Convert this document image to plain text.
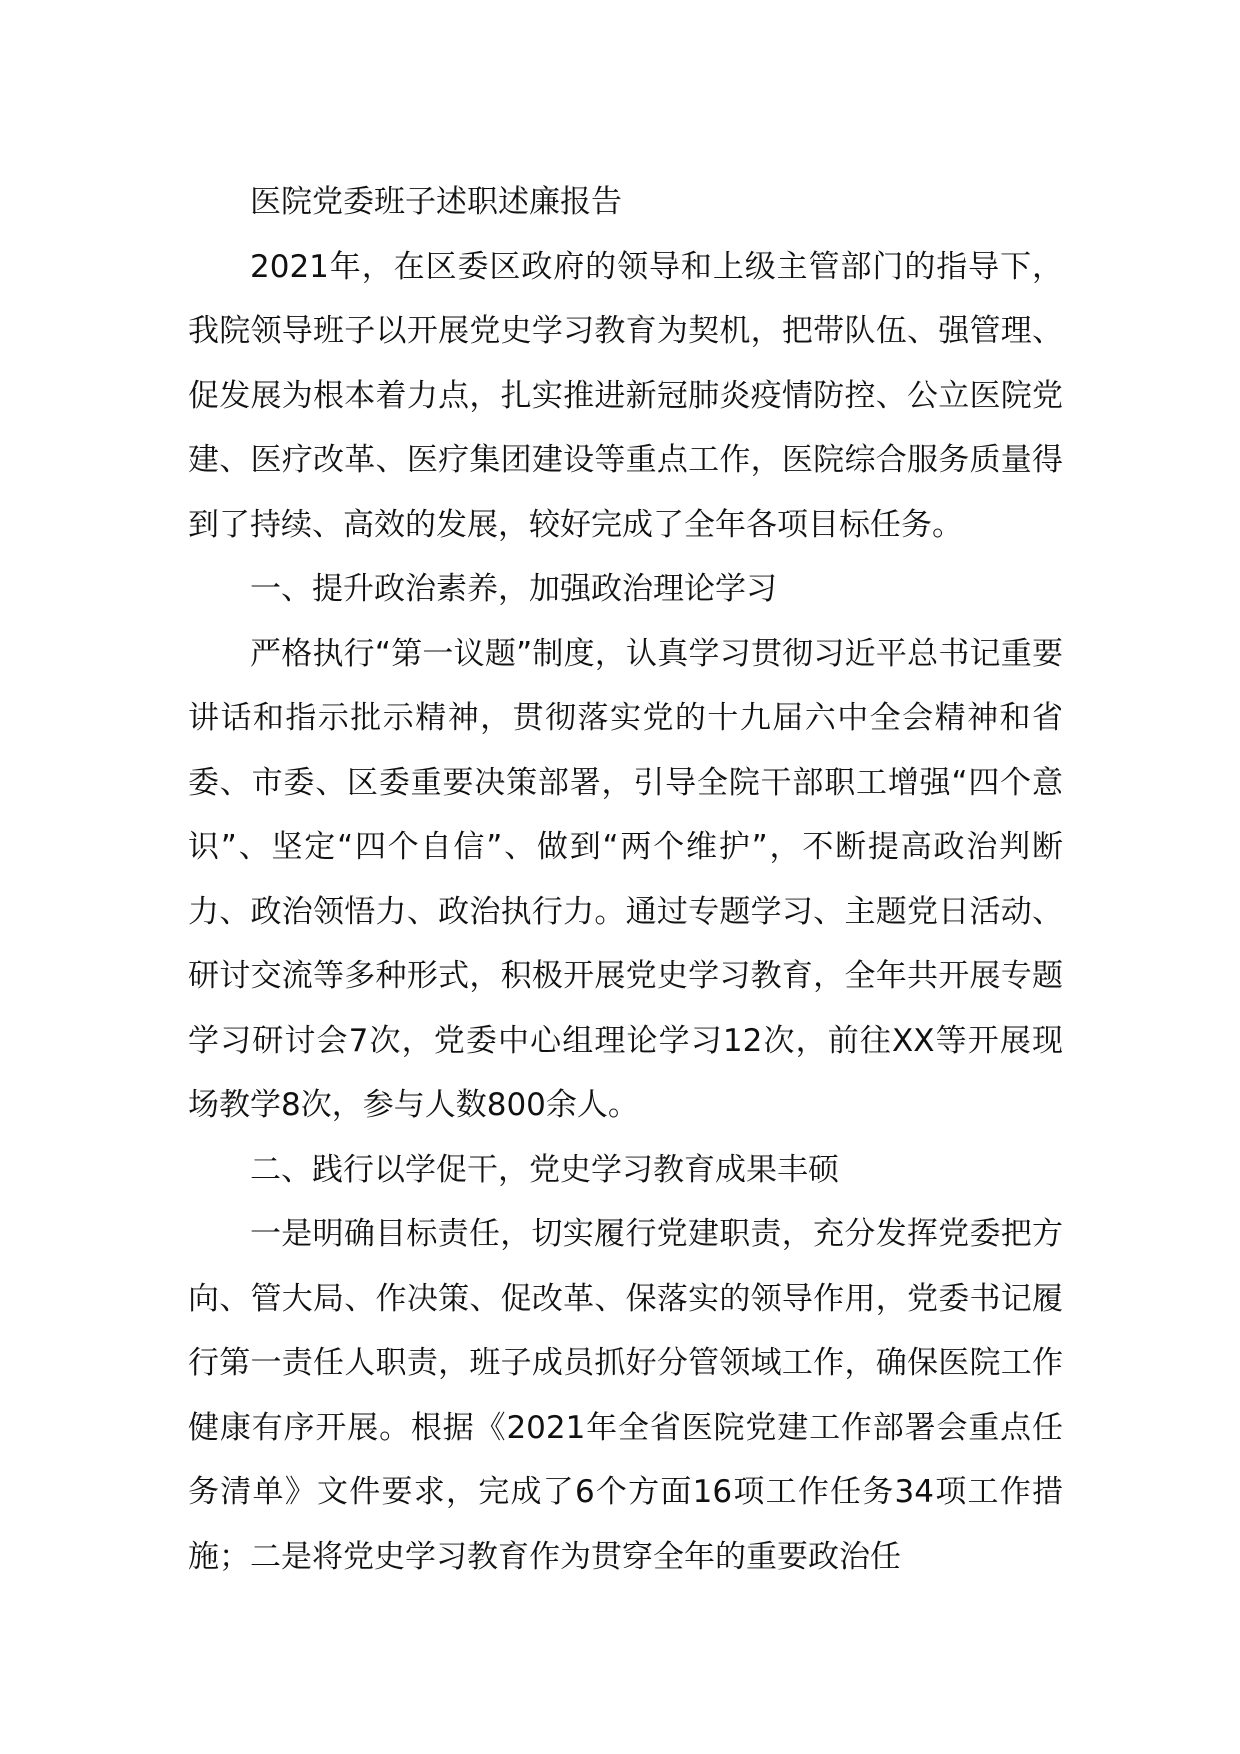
医院党委班子述职述廉报告

2021年，在区委区政府的领导和上级主管部门的指导下，我院领导班子以开展党史学习教育为契机，把带队伍、强管理、促发展为根本着力点，扎实推进新冠肺炎疫情防控、公立医院党建、医疗改革、医疗集团建设等重点工作，医院综合服务质量得到了持续、高效的发展，较好完成了全年各项目标任务。

一、提升政治素养，加强政治理论学习

严格执行“第一议题”制度，认真学习贯彻习近平总书记重要讲话和指示批示精神，贯彻落实党的十九届六中全会精神和省委、市委、区委重要决策部署，引导全院干部职工增强“四个意识”、坚定“四个自信”、做到“两个维护”，不断提高政治判断力、政治领悟力、政治执行力。通过专题学习、主题党日活动、研讨交流等多种形式，积极开展党史学习教育，全年共开展专题学习研讨会7次，党委中心组理论学习12次，前往XX等开展现场教学8次，参与人数800余人。

二、践行以学促干，党史学习教育成果丰硕

一是明确目标责任，切实履行党建职责，充分发挥党委把方向、管大局、作决策、促改革、保落实的领导作用，党委书记履行第一责任人职责，班子成员抓好分管领域工作，确保医院工作健康有序开展。根据《2021年全省医院党建工作部署会重点任务清单》文件要求，完成了6个方面16项工作任务34项工作措施；二是将党史学习教育作为贯穿全年的重要政治任
